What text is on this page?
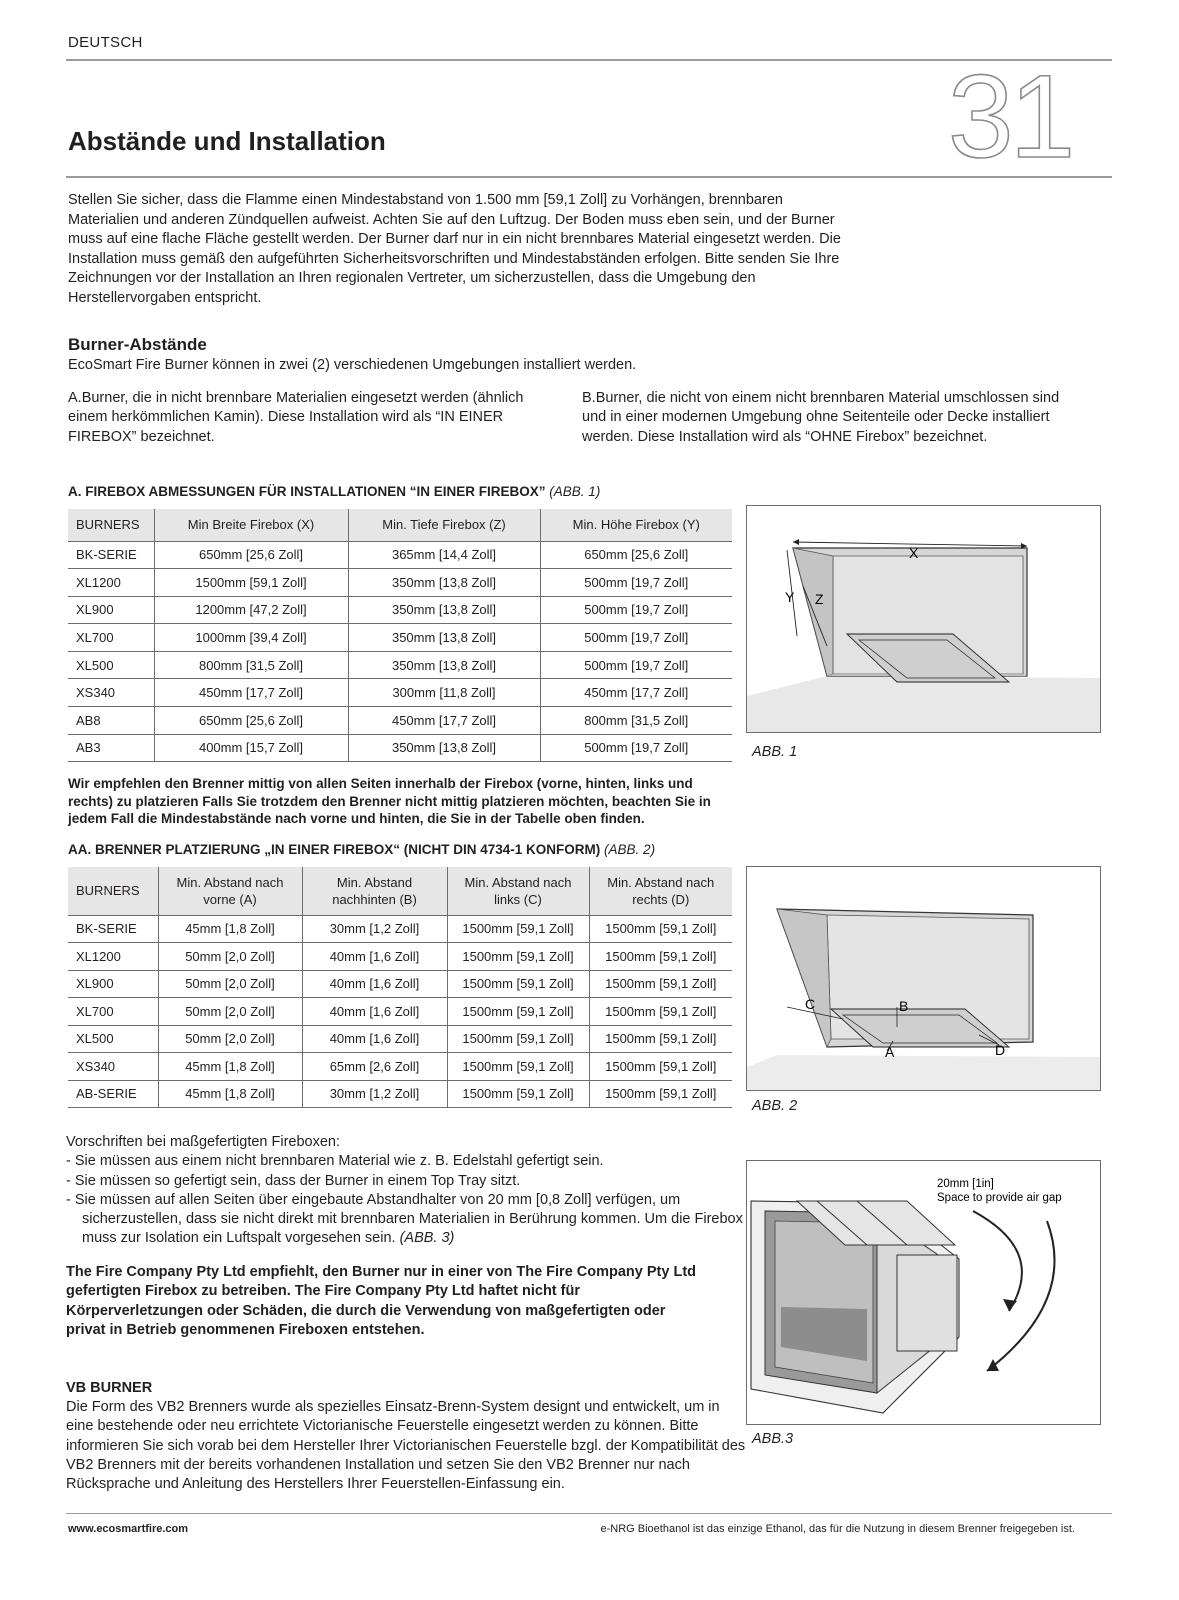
DEUTSCH
31
Abstände und Installation
Stellen Sie sicher, dass die Flamme einen Mindestabstand von 1.500 mm [59,1 Zoll] zu Vorhängen, brennbaren Materialien und anderen Zündquellen aufweist. Achten Sie auf den Luftzug. Der Boden muss eben sein, und der Burner muss auf eine flache Fläche gestellt werden. Der Burner darf nur in ein nicht brennbares Material eingesetzt werden. Die Installation muss gemäß den aufgeführten Sicherheitsvorschriften und Mindestabständen erfolgen. Bitte senden Sie Ihre Zeichnungen vor der Installation an Ihren regionalen Vertreter, um sicherzustellen, dass die Umgebung den Herstellervorgaben entspricht.
Burner-Abstände
EcoSmart Fire Burner können in zwei (2) verschiedenen Umgebungen installiert werden.
A.Burner, die in nicht brennbare Materialien eingesetzt werden (ähnlich einem herkömmlichen Kamin). Diese Installation wird als “IN EINER FIREBOX” bezeichnet.
B.Burner, die nicht von einem nicht brennbaren Material umschlossen sind und in einer modernen Umgebung ohne Seitenteile oder Decke installiert werden. Diese Installation wird als “OHNE Firebox” bezeichnet.
A. FIREBOX ABMESSUNGEN FÜR INSTALLATIONEN “IN EINER FIREBOX” (ABB. 1)
BURNERS	Min Breite Firebox (X)	Min. Tiefe Firebox (Z)	Min. Höhe Firebox (Y)
BK-SERIE	650mm [25,6 Zoll]	365mm [14,4 Zoll]	650mm [25,6 Zoll]
XL1200	1500mm [59,1 Zoll]	350mm [13,8 Zoll]	500mm [19,7 Zoll]
XL900	1200mm [47,2 Zoll]	350mm [13,8 Zoll]	500mm [19,7 Zoll]
XL700	1000mm [39,4 Zoll]	350mm [13,8 Zoll]	500mm [19,7 Zoll]
XL500	800mm [31,5 Zoll]	350mm [13,8 Zoll]	500mm [19,7 Zoll]
XS340	450mm [17,7 Zoll]	300mm [11,8 Zoll]	450mm [17,7 Zoll]
AB8	650mm [25,6 Zoll]	450mm [17,7 Zoll]	800mm [31,5 Zoll]
AB3	400mm [15,7 Zoll]	350mm [13,8 Zoll]	500mm [19,7 Zoll]
X
Y Z
ABB. 1
Wir empfehlen den Brenner mittig von allen Seiten innerhalb der Firebox (vorne, hinten, links und rechts) zu platzieren Falls Sie trotzdem den Brenner nicht mittig platzieren möchten, beachten Sie in jedem Fall die Mindestabstände nach vorne und hinten, die Sie in der Tabelle oben finden.
AA. BRENNER PLATZIERUNG „IN EINER FIREBOX“ (NICHT DIN 4734-1 KONFORM) (ABB. 2)
BURNERS	Min. Abstand nach vorne (A)	Min. Abstand nachhinten (B)	Min. Abstand nach links (C)	Min. Abstand nach rechts (D)
BK-SERIE	45mm [1,8 Zoll]	30mm [1,2 Zoll]	1500mm [59,1 Zoll]	1500mm [59,1 Zoll]
XL1200	50mm [2,0 Zoll]	40mm [1,6 Zoll]	1500mm [59,1 Zoll]	1500mm [59,1 Zoll]
XL900	50mm [2,0 Zoll]	40mm [1,6 Zoll]	1500mm [59,1 Zoll]	1500mm [59,1 Zoll]
XL700	50mm [2,0 Zoll]	40mm [1,6 Zoll]	1500mm [59,1 Zoll]	1500mm [59,1 Zoll]
XL500	50mm [2,0 Zoll]	40mm [1,6 Zoll]	1500mm [59,1 Zoll]	1500mm [59,1 Zoll]
XS340	45mm [1,8 Zoll]	65mm [2,6 Zoll]	1500mm [59,1 Zoll]	1500mm [59,1 Zoll]
AB-SERIE	45mm [1,8 Zoll]	30mm [1,2 Zoll]	1500mm [59,1 Zoll]	1500mm [59,1 Zoll]
C	B
A	D
ABB. 2
Vorschriften bei maßgefertigten Fireboxen:
- Sie müssen aus einem nicht brennbaren Material wie z. B. Edelstahl gefertigt sein.
- Sie müssen so gefertigt sein, dass der Burner in einem Top Tray sitzt.
- Sie müssen auf allen Seiten über eingebaute Abstandhalter von 20 mm [0,8 Zoll] verfügen, um sicherzustellen, dass sie nicht direkt mit brennbaren Materialien in Berührung kommen. Um die Firebox muss zur Isolation ein Luftspalt vorgesehen sein. (ABB. 3)
The Fire Company Pty Ltd empfiehlt, den Burner nur in einer von The Fire Company Pty Ltd gefertigten Firebox zu betreiben. The Fire Company Pty Ltd haftet nicht für Körperverletzungen oder Schäden, die durch die Verwendung von maßgefertigten oder privat in Betrieb genommenen Fireboxen entstehen.
20mm [1in]
Space to provide air gap
ABB.3
VB BURNER
Die Form des VB2 Brenners wurde als spezielles Einsatz-Brenn-System designt und entwickelt, um in eine bestehende oder neu errichtete Victorianische Feuerstelle eingesetzt werden zu können. Bitte informieren Sie sich vorab bei dem Hersteller Ihrer Victorianischen Feuerstelle bzgl. der Kompatibilität des VB2 Brenners mit der bereits vorhandenen Installation und setzen Sie den VB2 Brenner nur nach Rücksprache und Anleitung des Herstellers Ihrer Feuerstellen-Einfassung ein.
www.ecosmartfire.com	e-NRG Bioethanol ist das einzige Ethanol, das für die Nutzung in diesem Brenner freigegeben ist.
